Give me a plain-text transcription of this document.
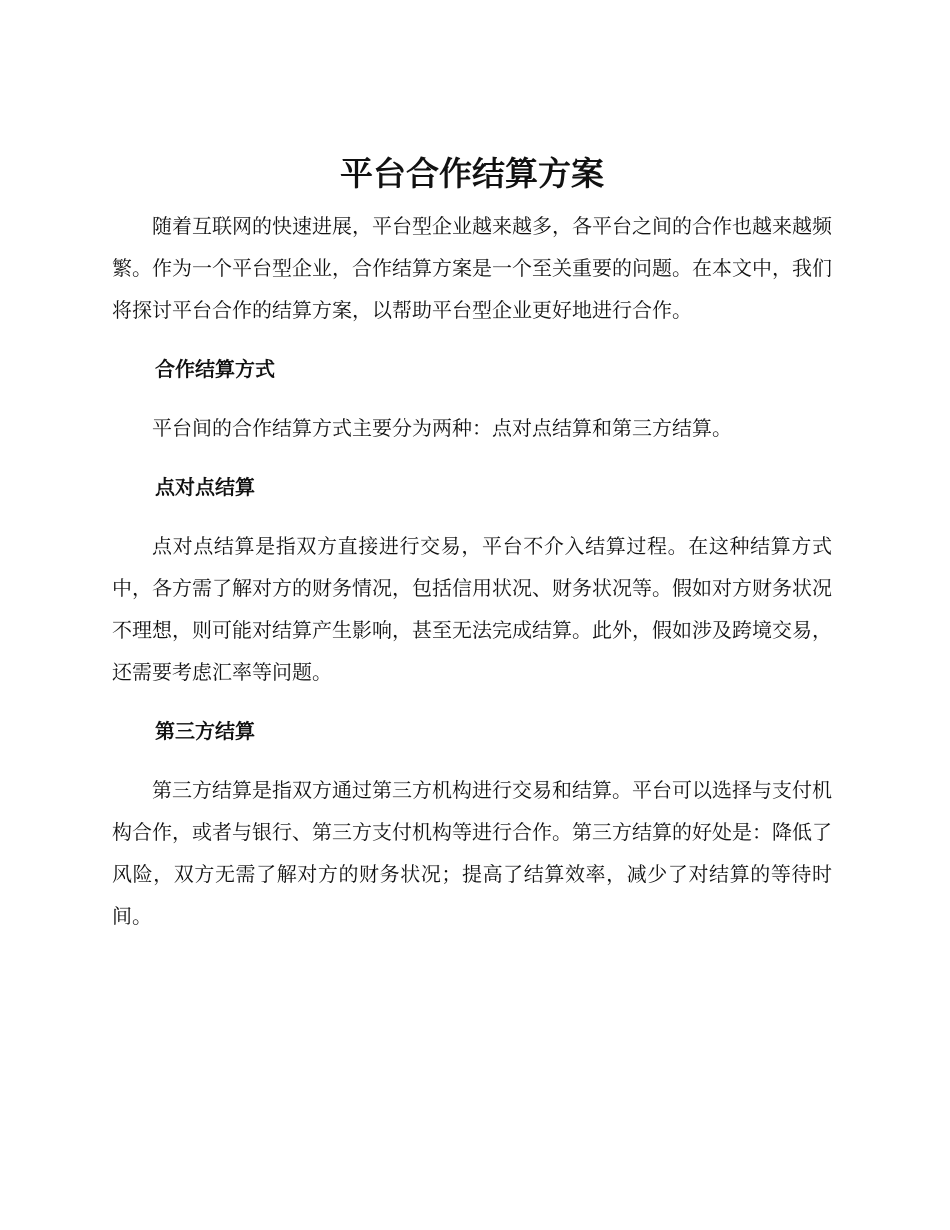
平台合作结算方案

随着互联网的快速进展，平台型企业越来越多，各平台之间的合作也越来越频繁。作为一个平台型企业，合作结算方案是一个至关重要的问题。在本文中，我们将探讨平台合作的结算方案，以帮助平台型企业更好地进行合作。

合作结算方式

平台间的合作结算方式主要分为两种：点对点结算和第三方结算。

点对点结算

点对点结算是指双方直接进行交易，平台不介入结算过程。在这种结算方式中，各方需了解对方的财务情况，包括信用状况、财务状况等。假如对方财务状况不理想，则可能对结算产生影响，甚至无法完成结算。此外，假如涉及跨境交易，还需要考虑汇率等问题。

第三方结算

第三方结算是指双方通过第三方机构进行交易和结算。平台可以选择与支付机构合作，或者与银行、第三方支付机构等进行合作。第三方结算的好处是：降低了风险，双方无需了解对方的财务状况；提高了结算效率，减少了对结算的等待时间。
